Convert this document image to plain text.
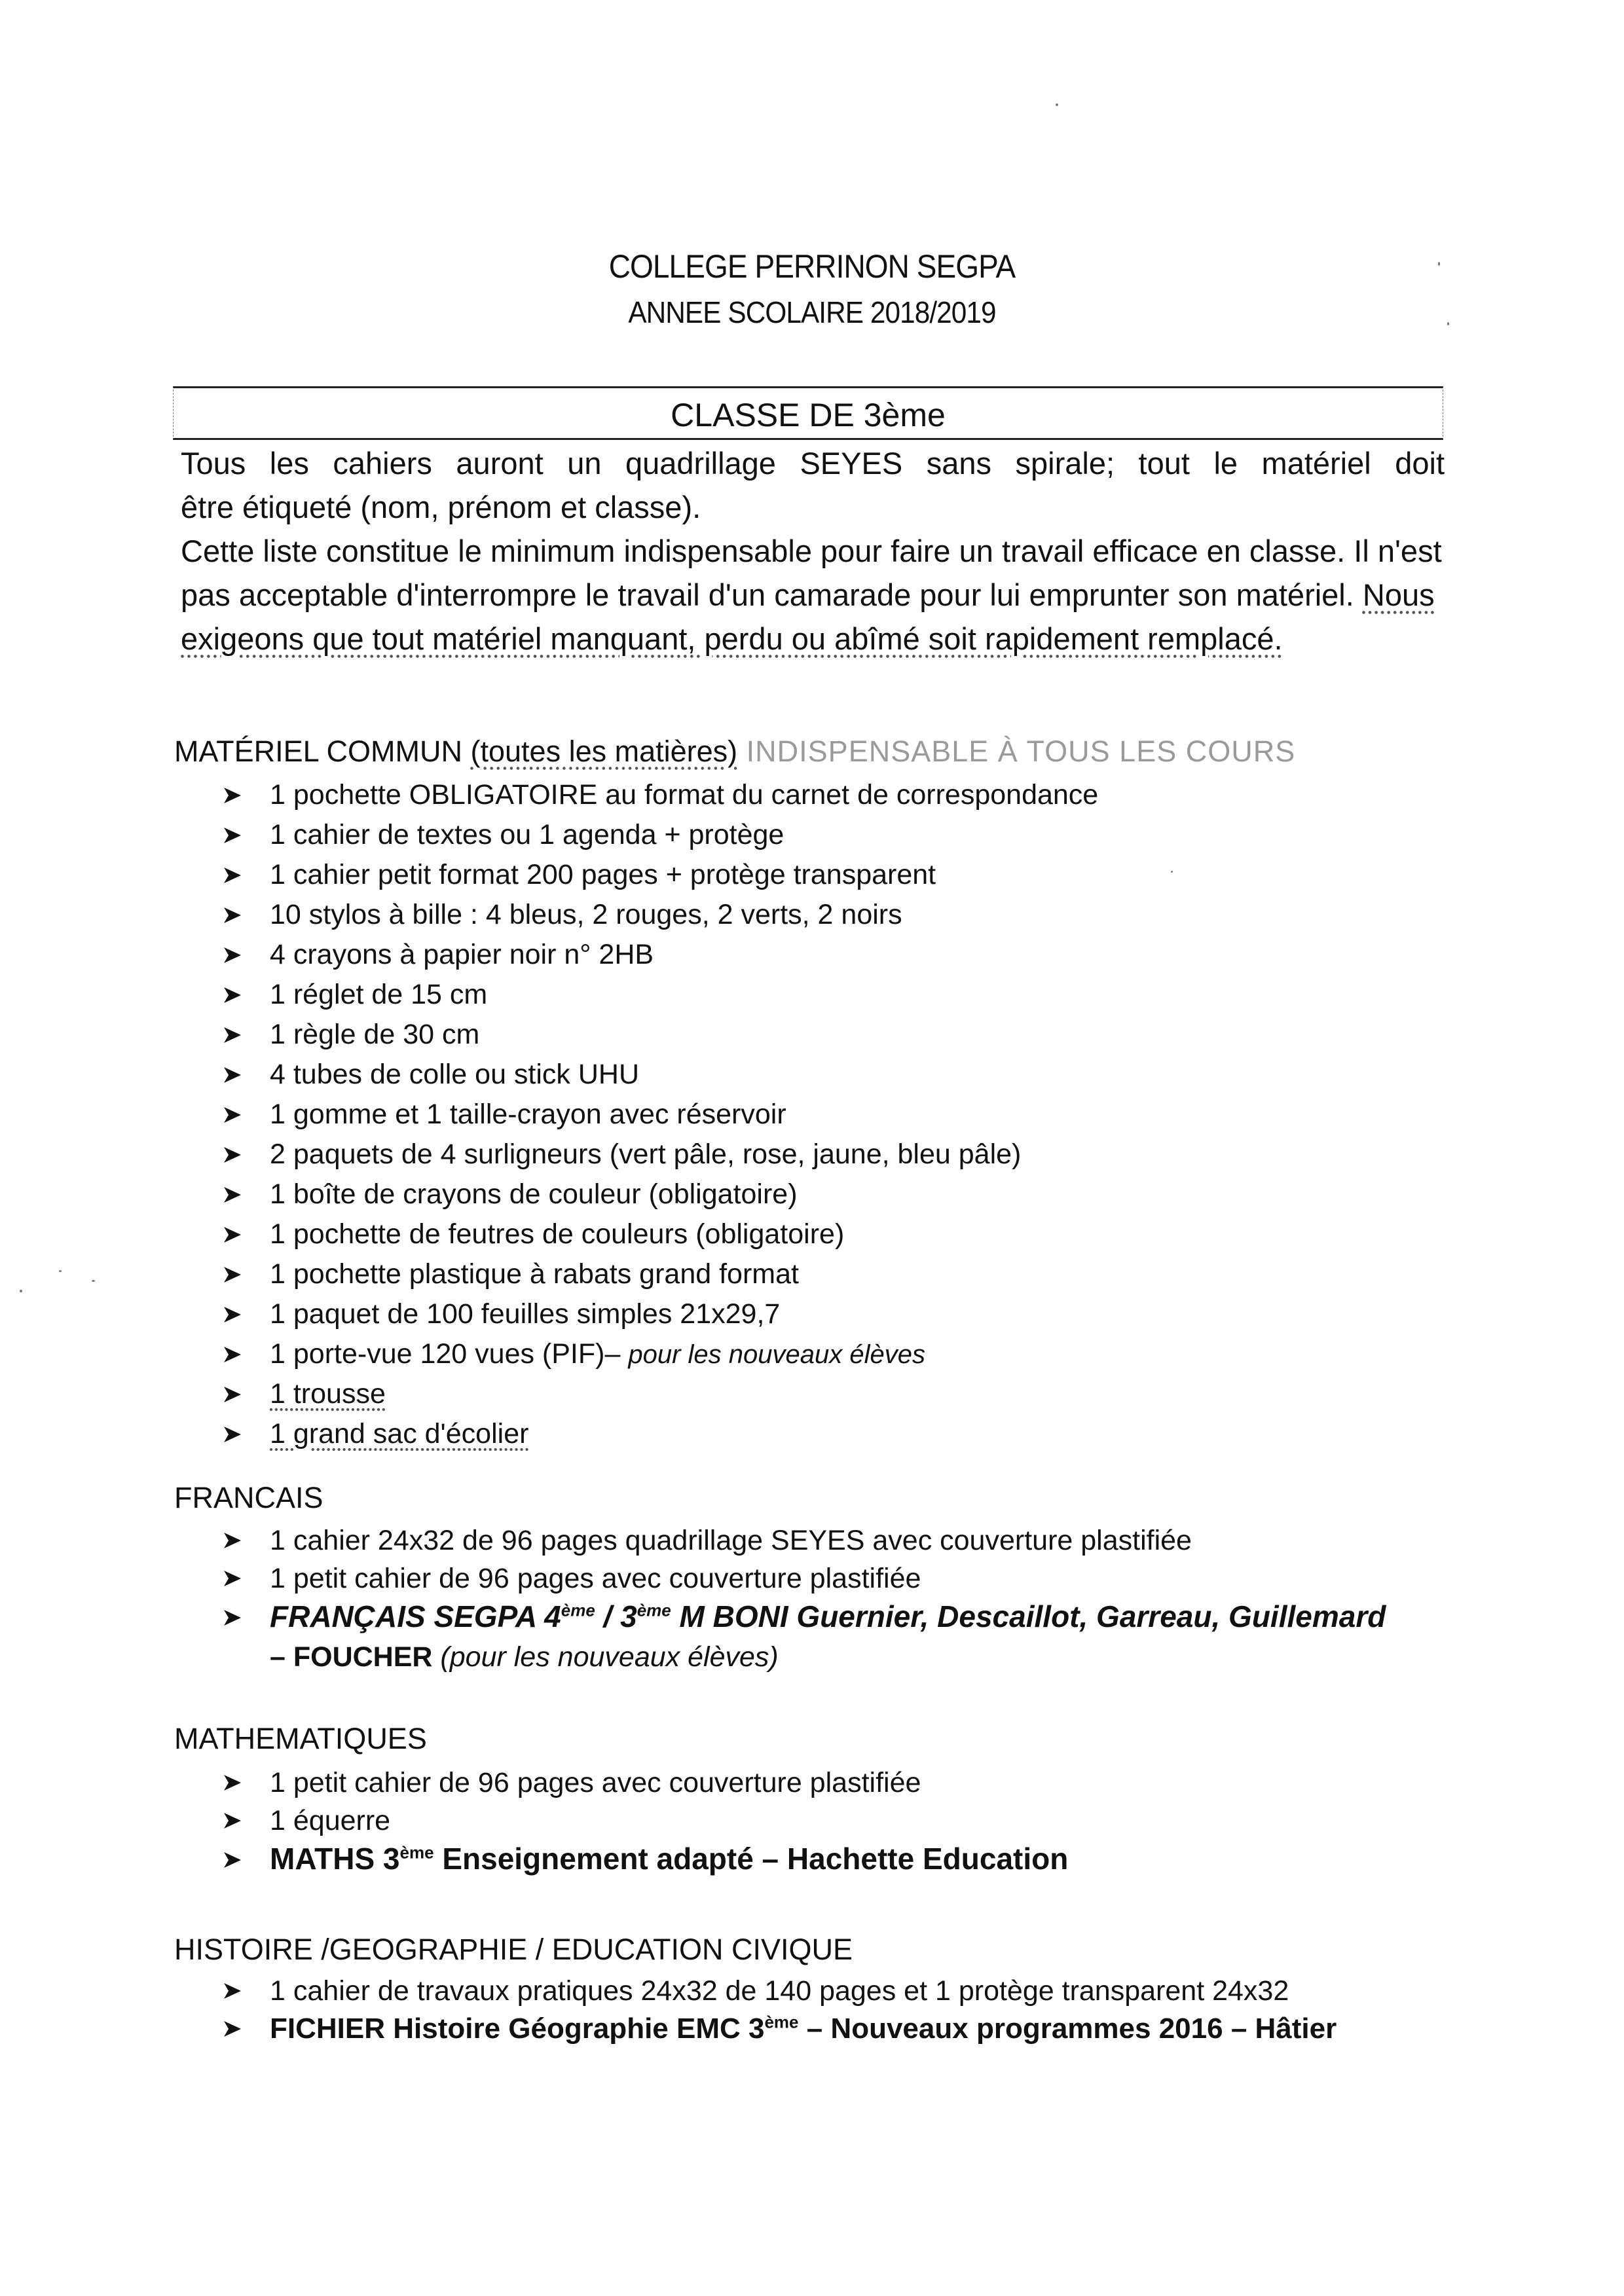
COLLEGE PERRINON SEGPA
ANNEE SCOLAIRE 2018/2019
CLASSE DE 3ème

Tous les cahiers auront un quadrillage SEYES sans spirale; tout le matériel doit

être étiqueté (nom, prénom et classe).

Cette liste constitue le minimum indispensable pour faire un travail efficace en classe. Il n'est pas acceptable d'interrompre le travail d'un camarade pour lui emprunter son matériel. Nous exigeons que tout matériel manquant, perdu ou abîmé soit rapidement remplacé.

MATÉRIEL COMMUN (toutes les matières) INDISPENSABLE À TOUS LES COURS
1 pochette OBLIGATOIRE au format du carnet de correspondance
1 cahier de textes ou 1 agenda + protège
1 cahier petit format 200 pages + protège transparent
10 stylos à bille : 4 bleus, 2 rouges, 2 verts, 2 noirs
4 crayons à papier noir n° 2HB
1 réglet de 15 cm
1 règle de 30 cm
4 tubes de colle ou stick UHU
1 gomme et 1 taille-crayon avec réservoir
2 paquets de 4 surligneurs (vert pâle, rose, jaune, bleu pâle)
1 boîte de crayons de couleur (obligatoire)
1 pochette de feutres de couleurs (obligatoire)
1 pochette plastique à rabats grand format
1 paquet de 100 feuilles simples 21x29,7
1 porte-vue 120 vues (PIF)– pour les nouveaux élèves
1 trousse
1 grand sac d'écolier
FRANCAIS
1 cahier 24x32 de 96 pages quadrillage SEYES avec couverture plastifiée
1 petit cahier de 96 pages avec couverture plastifiée
FRANÇAIS SEGPA 4ème / 3ème M BONI Guernier, Descaillot, Garreau, Guillemard
– FOUCHER (pour les nouveaux élèves)
MATHEMATIQUES
1 petit cahier de 96 pages avec couverture plastifiée
1 équerre
MATHS 3ème Enseignement adapté – Hachette Education
HISTOIRE /GEOGRAPHIE / EDUCATION CIVIQUE
1 cahier de travaux pratiques 24x32 de 140 pages et 1 protège transparent 24x32
FICHIER Histoire Géographie EMC 3ème – Nouveaux programmes 2016 – Hâtier
